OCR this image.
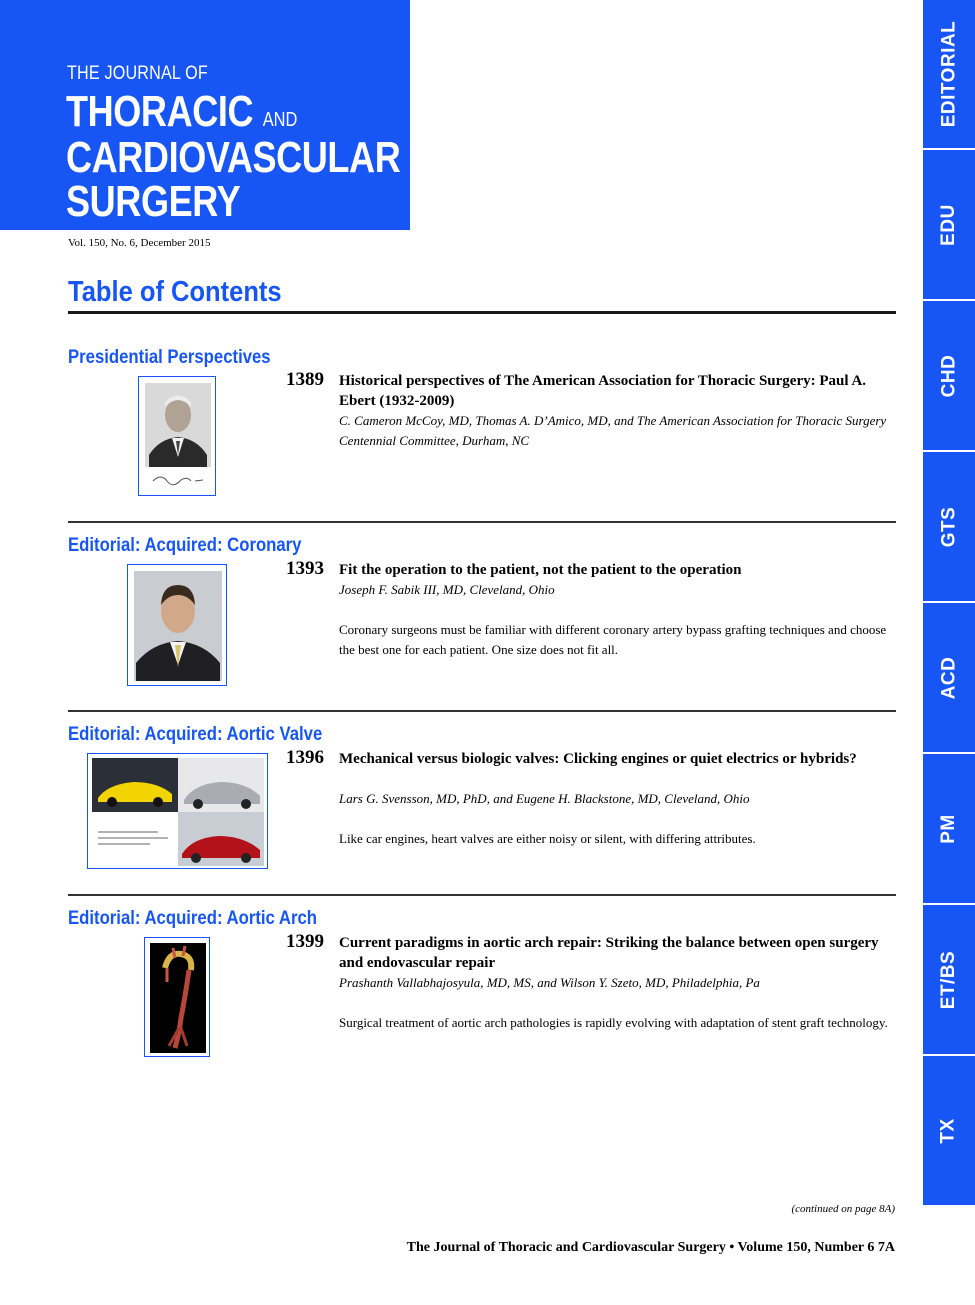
THE JOURNAL OF
THORACIC AND
CARDIOVASCULAR
SURGERY
Vol. 150, No. 6, December 2015
Table of Contents
Presidential Perspectives
1389 Historical perspectives of The American Association for Thoracic Surgery: Paul A. Ebert (1932-2009)
C. Cameron McCoy, MD, Thomas A. D’Amico, MD, and The American Association for Thoracic Surgery Centennial Committee, Durham, NC
Editorial: Acquired: Coronary
1393 Fit the operation to the patient, not the patient to the operation
Joseph F. Sabik III, MD, Cleveland, Ohio
Coronary surgeons must be familiar with different coronary artery bypass grafting techniques and choose the best one for each patient. One size does not fit all.
Editorial: Acquired: Aortic Valve
1396 Mechanical versus biologic valves: Clicking engines or quiet electrics or hybrids?
Lars G. Svensson, MD, PhD, and Eugene H. Blackstone, MD, Cleveland, Ohio
Like car engines, heart valves are either noisy or silent, with differing attributes.
Editorial: Acquired: Aortic Arch
1399 Current paradigms in aortic arch repair: Striking the balance between open surgery and endovascular repair
Prashanth Vallabhajosyula, MD, MS, and Wilson Y. Szeto, MD, Philadelphia, Pa
Surgical treatment of aortic arch pathologies is rapidly evolving with adaptation of stent graft technology.
EDITORIAL
EDU
CHD
GTS
ACD
PM
ET/BS
TX
(continued on page 8A)
The Journal of Thoracic and Cardiovascular Surgery • Volume 150, Number 6 7A
